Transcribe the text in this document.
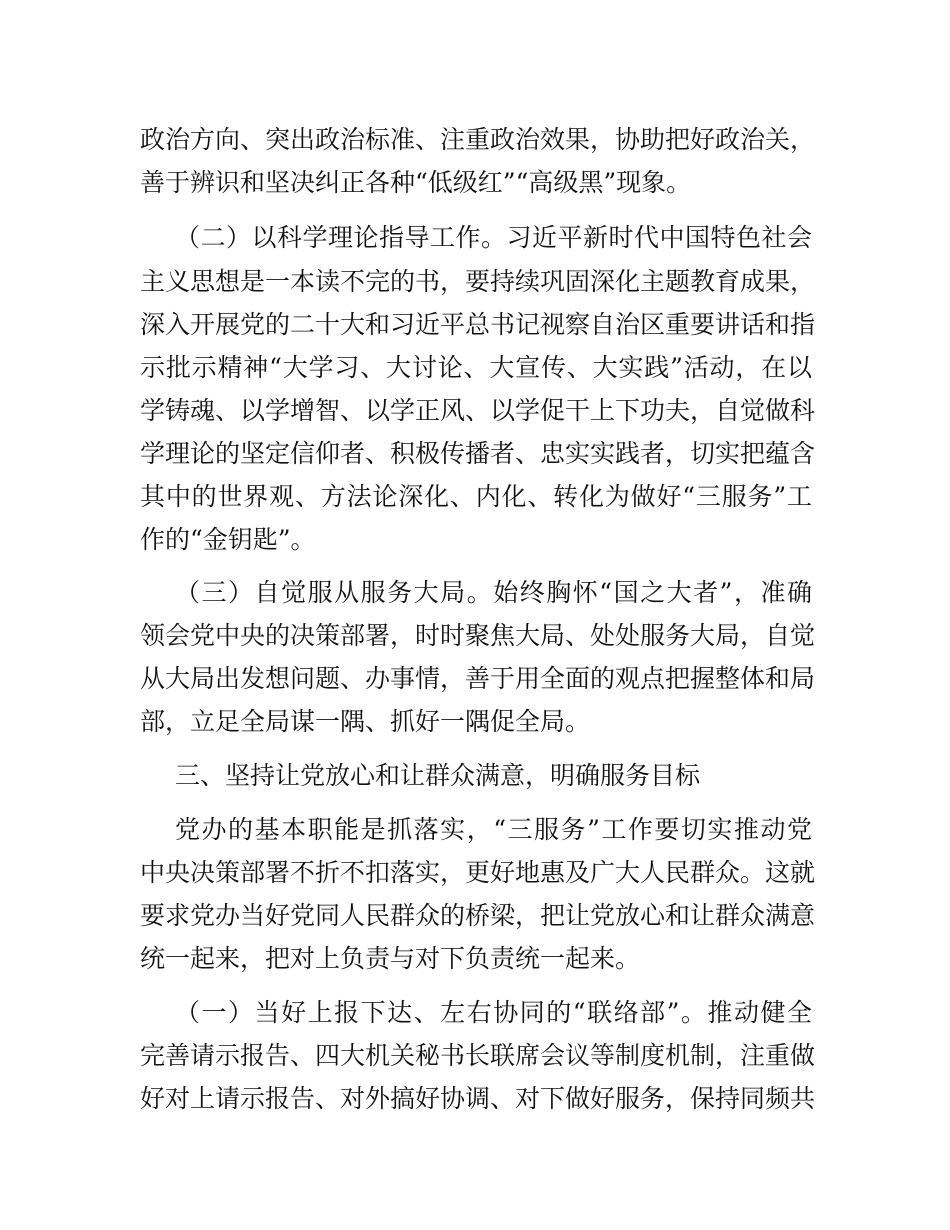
政治方向、突出政治标准、注重政治效果，协助把好政治关，
善于辨识和坚决纠正各种“低级红”“高级黑”现象。
（二）以科学理论指导工作。习近平新时代中国特色社会
主义思想是一本读不完的书，要持续巩固深化主题教育成果，
深入开展党的二十大和习近平总书记视察自治区重要讲话和指
示批示精神“大学习、大讨论、大宣传、大实践”活动，在以
学铸魂、以学增智、以学正风、以学促干上下功夫，自觉做科
学理论的坚定信仰者、积极传播者、忠实实践者，切实把蕴含
其中的世界观、方法论深化、内化、转化为做好“三服务”工
作的“金钥匙”。
（三）自觉服从服务大局。始终胸怀“国之大者”，准确
领会党中央的决策部署，时时聚焦大局、处处服务大局，自觉
从大局出发想问题、办事情，善于用全面的观点把握整体和局
部，立足全局谋一隅、抓好一隅促全局。
三、坚持让党放心和让群众满意，明确服务目标
党办的基本职能是抓落实，“三服务”工作要切实推动党
中央决策部署不折不扣落实，更好地惠及广大人民群众。这就
要求党办当好党同人民群众的桥梁，把让党放心和让群众满意
统一起来，把对上负责与对下负责统一起来。
（一）当好上报下达、左右协同的“联络部”。推动健全
完善请示报告、四大机关秘书长联席会议等制度机制，注重做
好对上请示报告、对外搞好协调、对下做好服务，保持同频共
